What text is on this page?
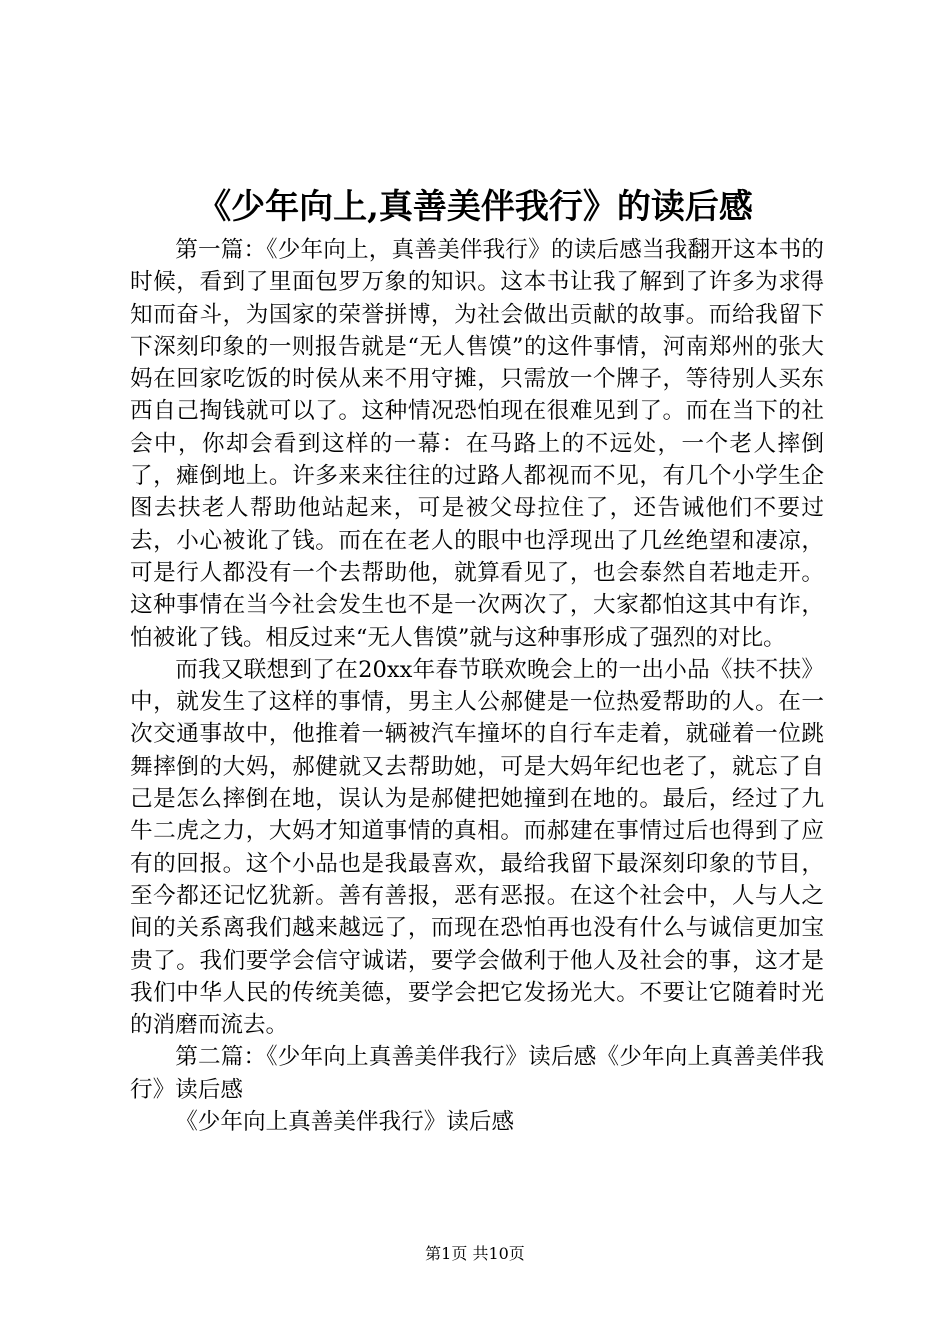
《少年向上,真善美伴我行》的读后感

第一篇：《少年向上，真善美伴我行》的读后感当我翻开这本书的时候，看到了里面包罗万象的知识。这本书让我了解到了许多为求得知而奋斗，为国家的荣誉拼博，为社会做出贡献的故事。而给我留下下深刻印象的一则报告就是“无人售馍”的这件事情，河南郑州的张大妈在回家吃饭的时侯从来不用守摊，只需放一个牌子，等待别人买东西自己掏钱就可以了。这种情况恐怕现在很难见到了。而在当下的社会中，你却会看到这样的一幕：在马路上的不远处，一个老人摔倒了，瘫倒地上。许多来来往往的过路人都视而不见，有几个小学生企图去扶老人帮助他站起来，可是被父母拉住了，还告诫他们不要过去，小心被讹了钱。而在在老人的眼中也浮现出了几丝绝望和凄凉，可是行人都没有一个去帮助他，就算看见了，也会泰然自若地走开。这种事情在当今社会发生也不是一次两次了，大家都怕这其中有诈，怕被讹了钱。相反过来“无人售馍”就与这种事形成了强烈的对比。

而我又联想到了在20xx年春节联欢晚会上的一出小品《扶不扶》中，就发生了这样的事情，男主人公郝健是一位热爱帮助的人。在一次交通事故中，他推着一辆被汽车撞坏的自行车走着，就碰着一位跳舞摔倒的大妈，郝健就又去帮助她，可是大妈年纪也老了，就忘了自己是怎么摔倒在地，误认为是郝健把她撞到在地的。最后，经过了九牛二虎之力，大妈才知道事情的真相。而郝建在事情过后也得到了应有的回报。这个小品也是我最喜欢，最给我留下最深刻印象的节目，至今都还记忆犹新。善有善报，恶有恶报。在这个社会中，人与人之间的关系离我们越来越远了，而现在恐怕再也没有什么与诚信更加宝贵了。我们要学会信守诚诺，要学会做利于他人及社会的事，这才是我们中华人民的传统美德，要学会把它发扬光大。不要让它随着时光的消磨而流去。

第二篇：《少年向上真善美伴我行》读后感《少年向上真善美伴我行》读后感

《少年向上真善美伴我行》读后感

第1页 共10页
